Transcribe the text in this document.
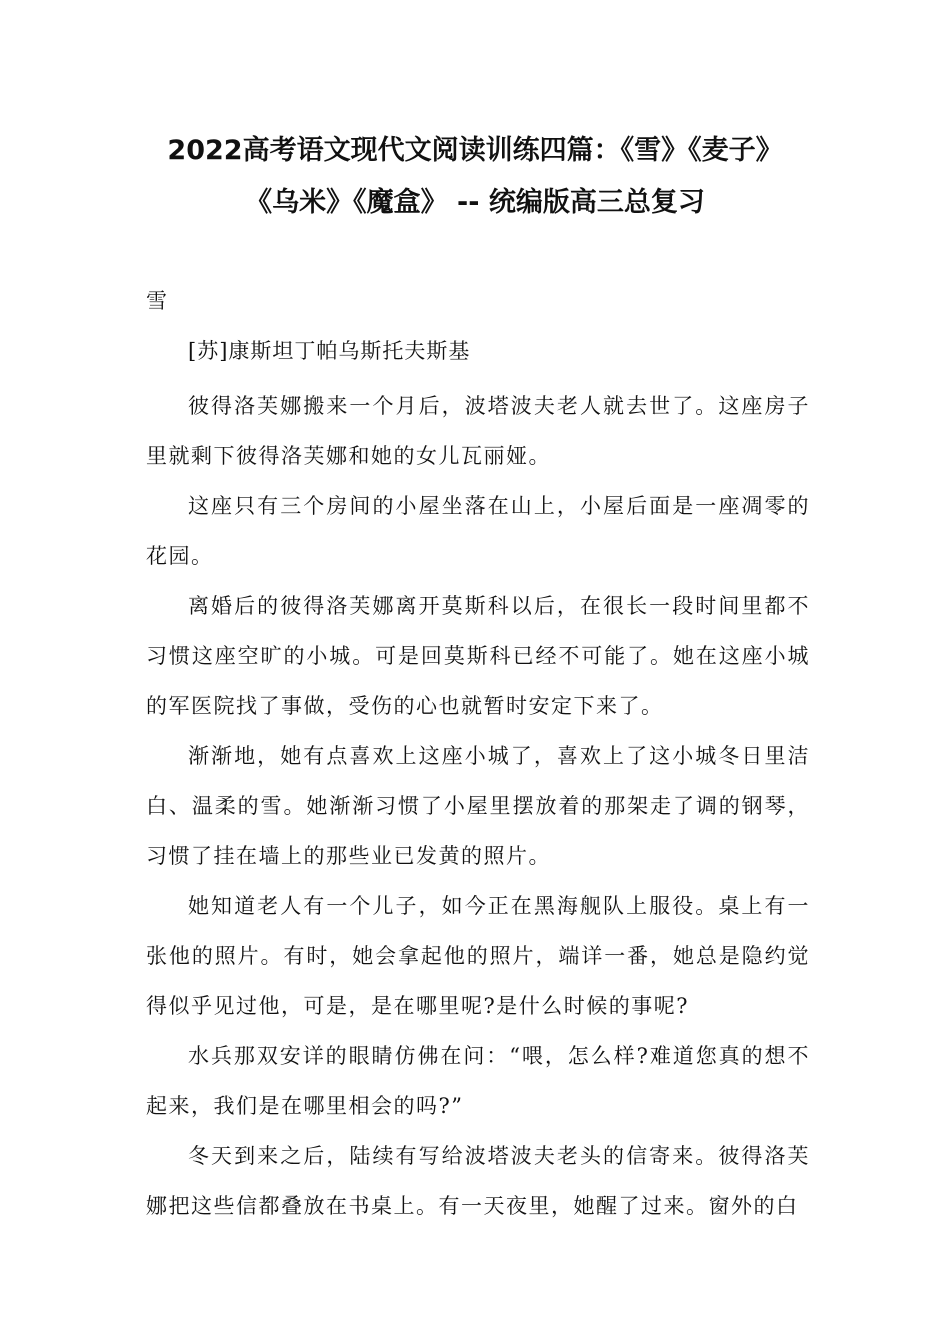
2022高考语文现代文阅读训练四篇：《雪》《麦子》
《乌米》《魔盒》 -- 统编版高三总复习

雪

[苏]康斯坦丁帕乌斯托夫斯基

彼得洛芙娜搬来一个月后，波塔波夫老人就去世了。这座房子里就剩下彼得洛芙娜和她的女儿瓦丽娅。

这座只有三个房间的小屋坐落在山上，小屋后面是一座凋零的花园。

离婚后的彼得洛芙娜离开莫斯科以后，在很长一段时间里都不习惯这座空旷的小城。可是回莫斯科已经不可能了。她在这座小城的军医院找了事做，受伤的心也就暂时安定下来了。

渐渐地，她有点喜欢上这座小城了，喜欢上了这小城冬日里洁白、温柔的雪。她渐渐习惯了小屋里摆放着的那架走了调的钢琴，习惯了挂在墙上的那些业已发黄的照片。

她知道老人有一个儿子，如今正在黑海舰队上服役。桌上有一张他的照片。有时，她会拿起他的照片，端详一番，她总是隐约觉得似乎见过他，可是，是在哪里呢?是什么时候的事呢?

水兵那双安详的眼睛仿佛在问：“喂，怎么样?难道您真的想不起来，我们是在哪里相会的吗?”

冬天到来之后，陆续有写给波塔波夫老头的信寄来。彼得洛芙娜把这些信都叠放在书桌上。有一天夜里，她醒了过来。窗外的白
